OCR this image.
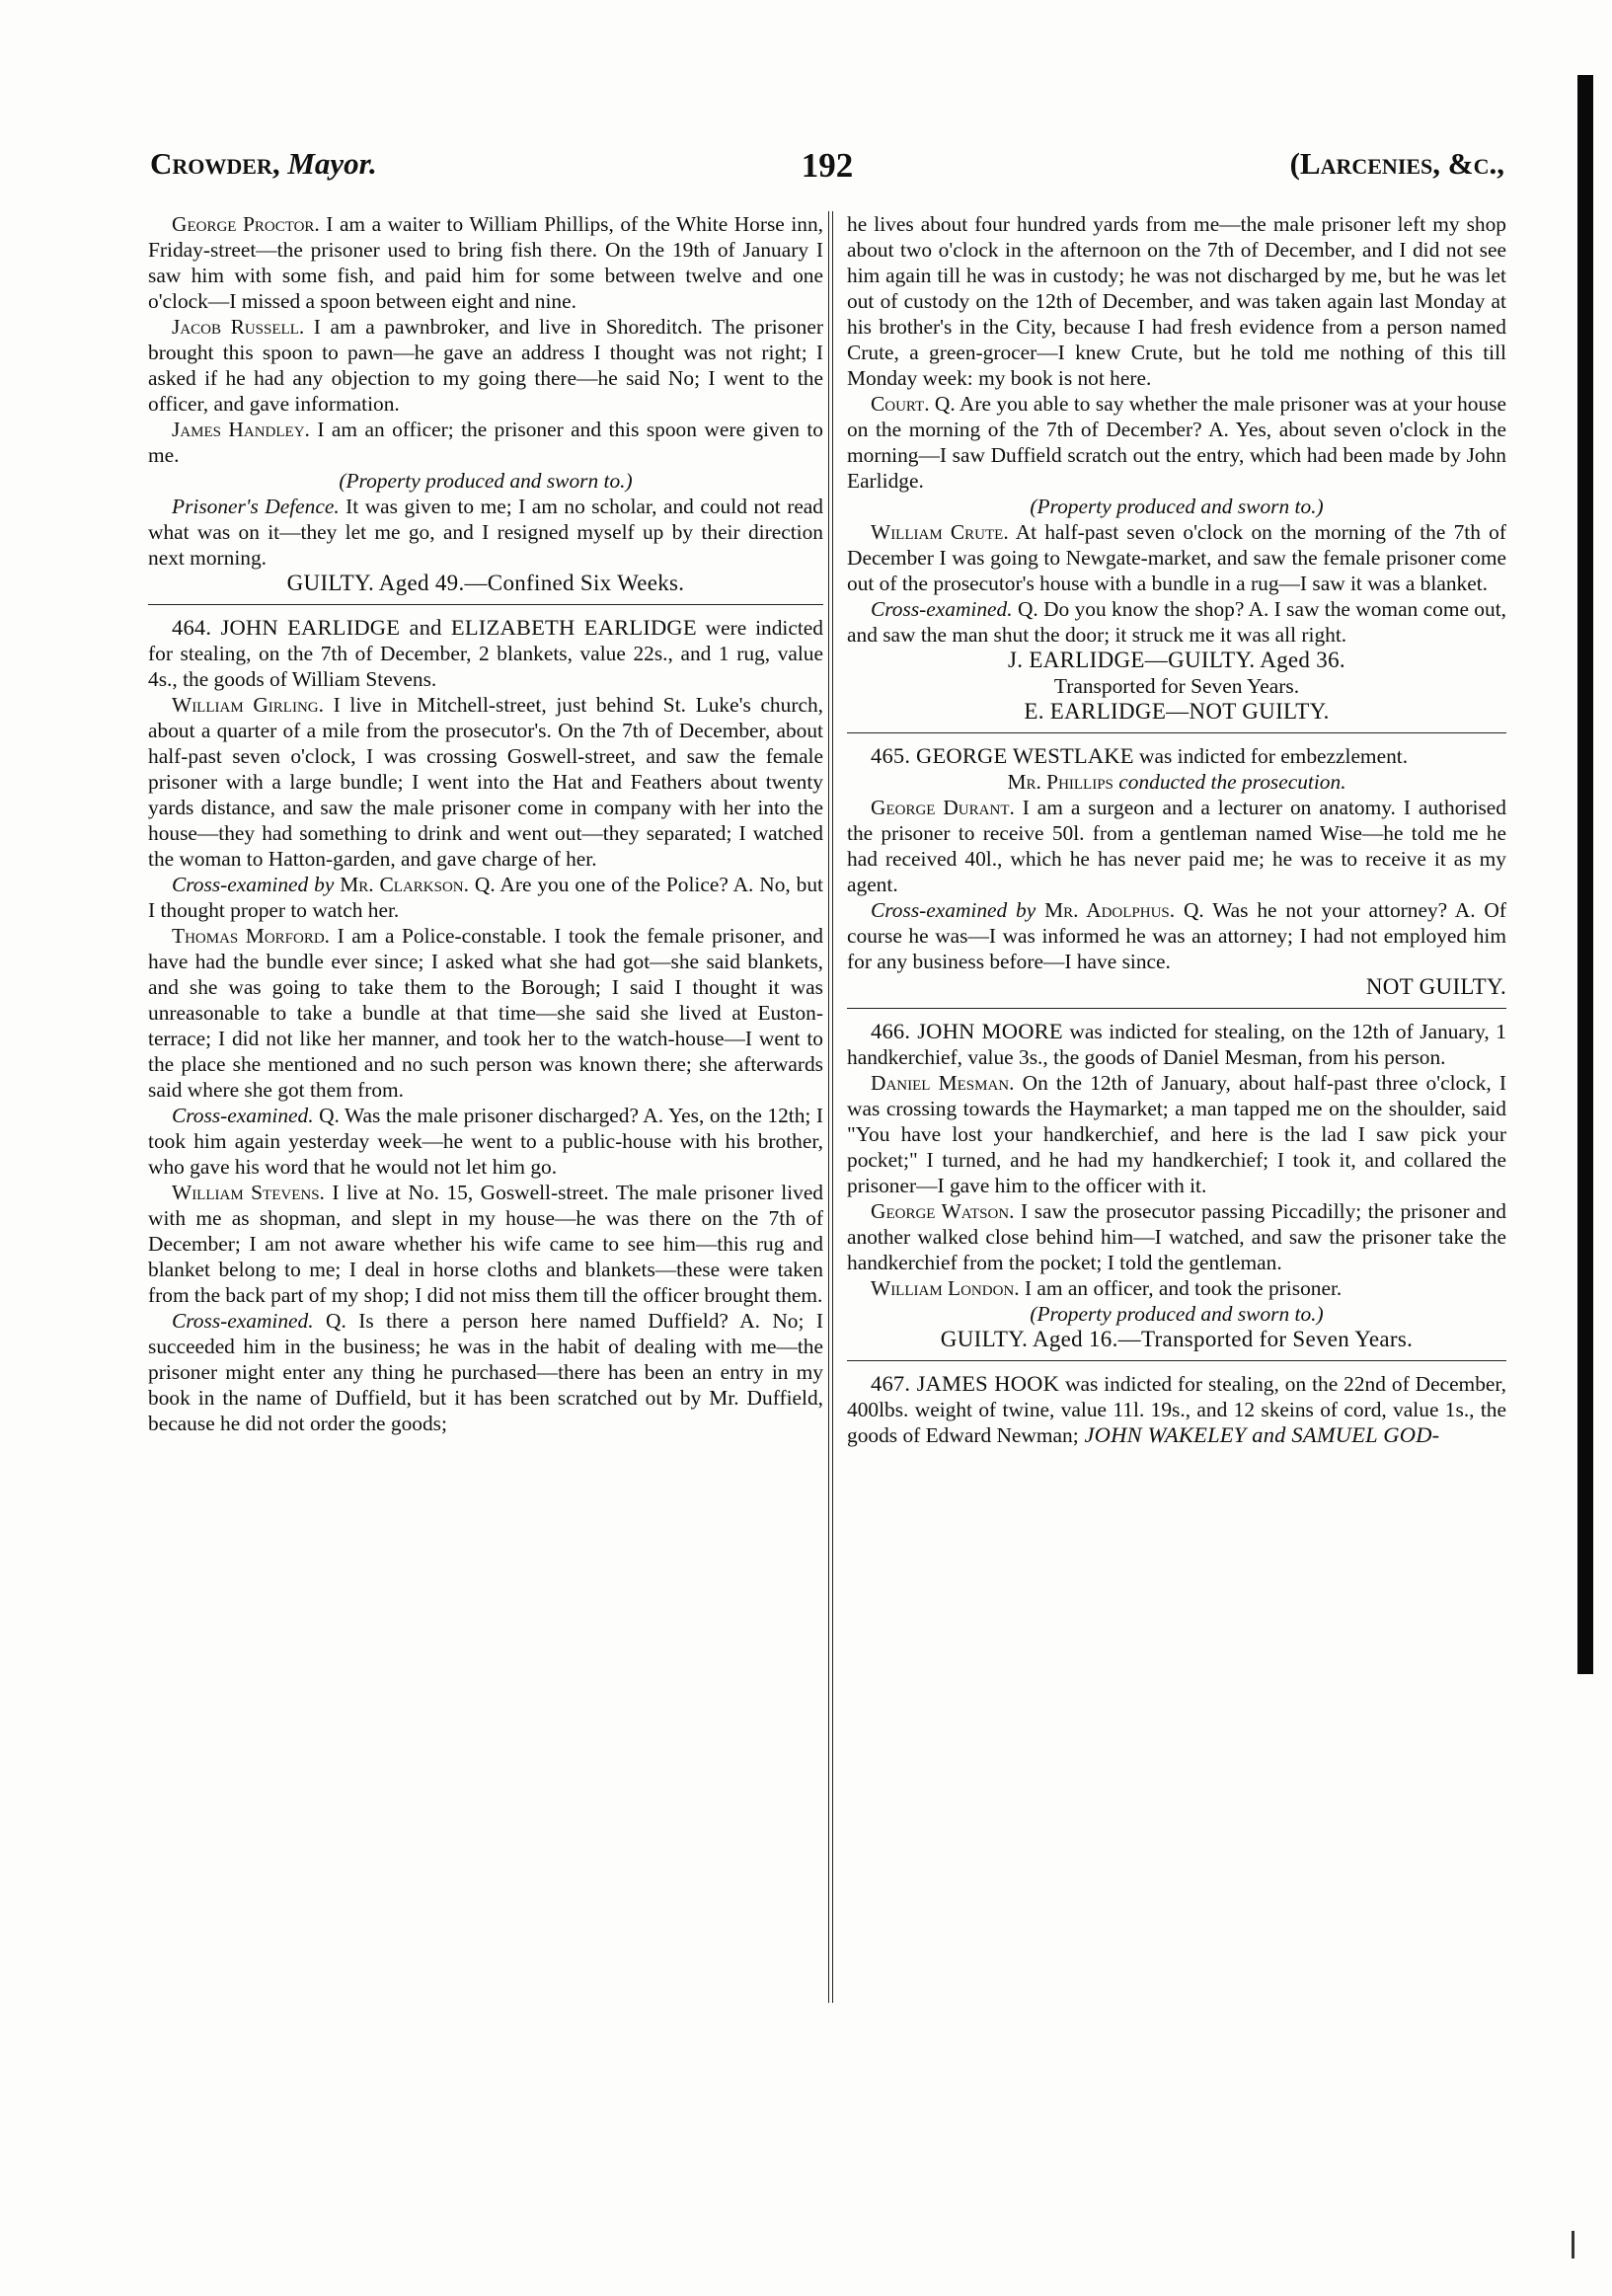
Crowder, Mayor.	192	(Larcenies, &c.,

George Proctor. I am a waiter to William Phillips, of the White Horse inn, Friday-street—the prisoner used to bring fish there. On the 19th of January I saw him with some fish, and paid him for some between twelve and one o'clock—I missed a spoon between eight and nine.

Jacob Russell. I am a pawnbroker, and live in Shoreditch. The prisoner brought this spoon to pawn—he gave an address I thought was not right; I asked if he had any objection to my going there—he said No; I went to the officer, and gave information.

James Handley. I am an officer; the prisoner and this spoon were given to me.

(Property produced and sworn to.)

Prisoner's Defence. It was given to me; I am no scholar, and could not read what was on it—they let me go, and I resigned myself up by their direction next morning.

GUILTY. Aged 49.—Confined Six Weeks.

464. JOHN EARLIDGE and ELIZABETH EARLIDGE were indicted for stealing, on the 7th of December, 2 blankets, value 22s., and 1 rug, value 4s., the goods of William Stevens.

William Girling. I live in Mitchell-street, just behind St. Luke's church, about a quarter of a mile from the prosecutor's. On the 7th of December, about half-past seven o'clock, I was crossing Goswell-street, and saw the female prisoner with a large bundle; I went into the Hat and Feathers about twenty yards distance, and saw the male prisoner come in company with her into the house—they had something to drink and went out—they separated; I watched the woman to Hatton-garden, and gave charge of her.

Cross-examined by Mr. Clarkson. Q. Are you one of the Police? A. No, but I thought proper to watch her.

Thomas Morford. I am a Police-constable. I took the female prisoner, and have had the bundle ever since; I asked what she had got—she said blankets, and she was going to take them to the Borough; I said I thought it was unreasonable to take a bundle at that time—she said she lived at Euston-terrace; I did not like her manner, and took her to the watch-house—I went to the place she mentioned and no such person was known there; she afterwards said where she got them from.

Cross-examined. Q. Was the male prisoner discharged? A. Yes, on the 12th; I took him again yesterday week—he went to a public-house with his brother, who gave his word that he would not let him go.

William Stevens. I live at No. 15, Goswell-street. The male prisoner lived with me as shopman, and slept in my house—he was there on the 7th of December; I am not aware whether his wife came to see him—this rug and blanket belong to me; I deal in horse cloths and blankets—these were taken from the back part of my shop; I did not miss them till the officer brought them.

Cross-examined. Q. Is there a person here named Duffield? A. No; I succeeded him in the business; he was in the habit of dealing with me—the prisoner might enter any thing he purchased—there has been an entry in my book in the name of Duffield, but it has been scratched out by Mr. Duffield, because he did not order the goods;

he lives about four hundred yards from me—the male prisoner left my shop about two o'clock in the afternoon on the 7th of December, and I did not see him again till he was in custody; he was not discharged by me, but he was let out of custody on the 12th of December, and was taken again last Monday at his brother's in the City, because I had fresh evidence from a person named Crute, a green-grocer—I knew Crute, but he told me nothing of this till Monday week: my book is not here.

Court. Q. Are you able to say whether the male prisoner was at your house on the morning of the 7th of December? A. Yes, about seven o'clock in the morning—I saw Duffield scratch out the entry, which had been made by John Earlidge.

(Property produced and sworn to.)

William Crute. At half-past seven o'clock on the morning of the 7th of December I was going to Newgate-market, and saw the female prisoner come out of the prosecutor's house with a bundle in a rug—I saw it was a blanket.

Cross-examined. Q. Do you know the shop? A. I saw the woman come out, and saw the man shut the door; it struck me it was all right.

J. EARLIDGE—GUILTY. Aged 36.

Transported for Seven Years.

E. EARLIDGE—NOT GUILTY.

465. GEORGE WESTLAKE was indicted for embezzlement.

Mr. Phillips conducted the prosecution.

George Durant. I am a surgeon and a lecturer on anatomy. I authorised the prisoner to receive 50l. from a gentleman named Wise—he told me he had received 40l., which he has never paid me; he was to receive it as my agent.

Cross-examined by Mr. Adolphus. Q. Was he not your attorney? A. Of course he was—I was informed he was an attorney; I had not employed him for any business before—I have since.

NOT GUILTY.

466. JOHN MOORE was indicted for stealing, on the 12th of January, 1 handkerchief, value 3s., the goods of Daniel Mesman, from his person.

Daniel Mesman. On the 12th of January, about half-past three o'clock, I was crossing towards the Haymarket; a man tapped me on the shoulder, said "You have lost your handkerchief, and here is the lad I saw pick your pocket;" I turned, and he had my handkerchief; I took it, and collared the prisoner—I gave him to the officer with it.

George Watson. I saw the prosecutor passing Piccadilly; the prisoner and another walked close behind him—I watched, and saw the prisoner take the handkerchief from the pocket; I told the gentleman.

William London. I am an officer, and took the prisoner.

(Property produced and sworn to.)

GUILTY. Aged 16.—Transported for Seven Years.

467. JAMES HOOK was indicted for stealing, on the 22nd of December, 400lbs. weight of twine, value 11l. 19s., and 12 skeins of cord, value 1s., the goods of Edward Newman; JOHN WAKELEY and SAMUEL GOD-
